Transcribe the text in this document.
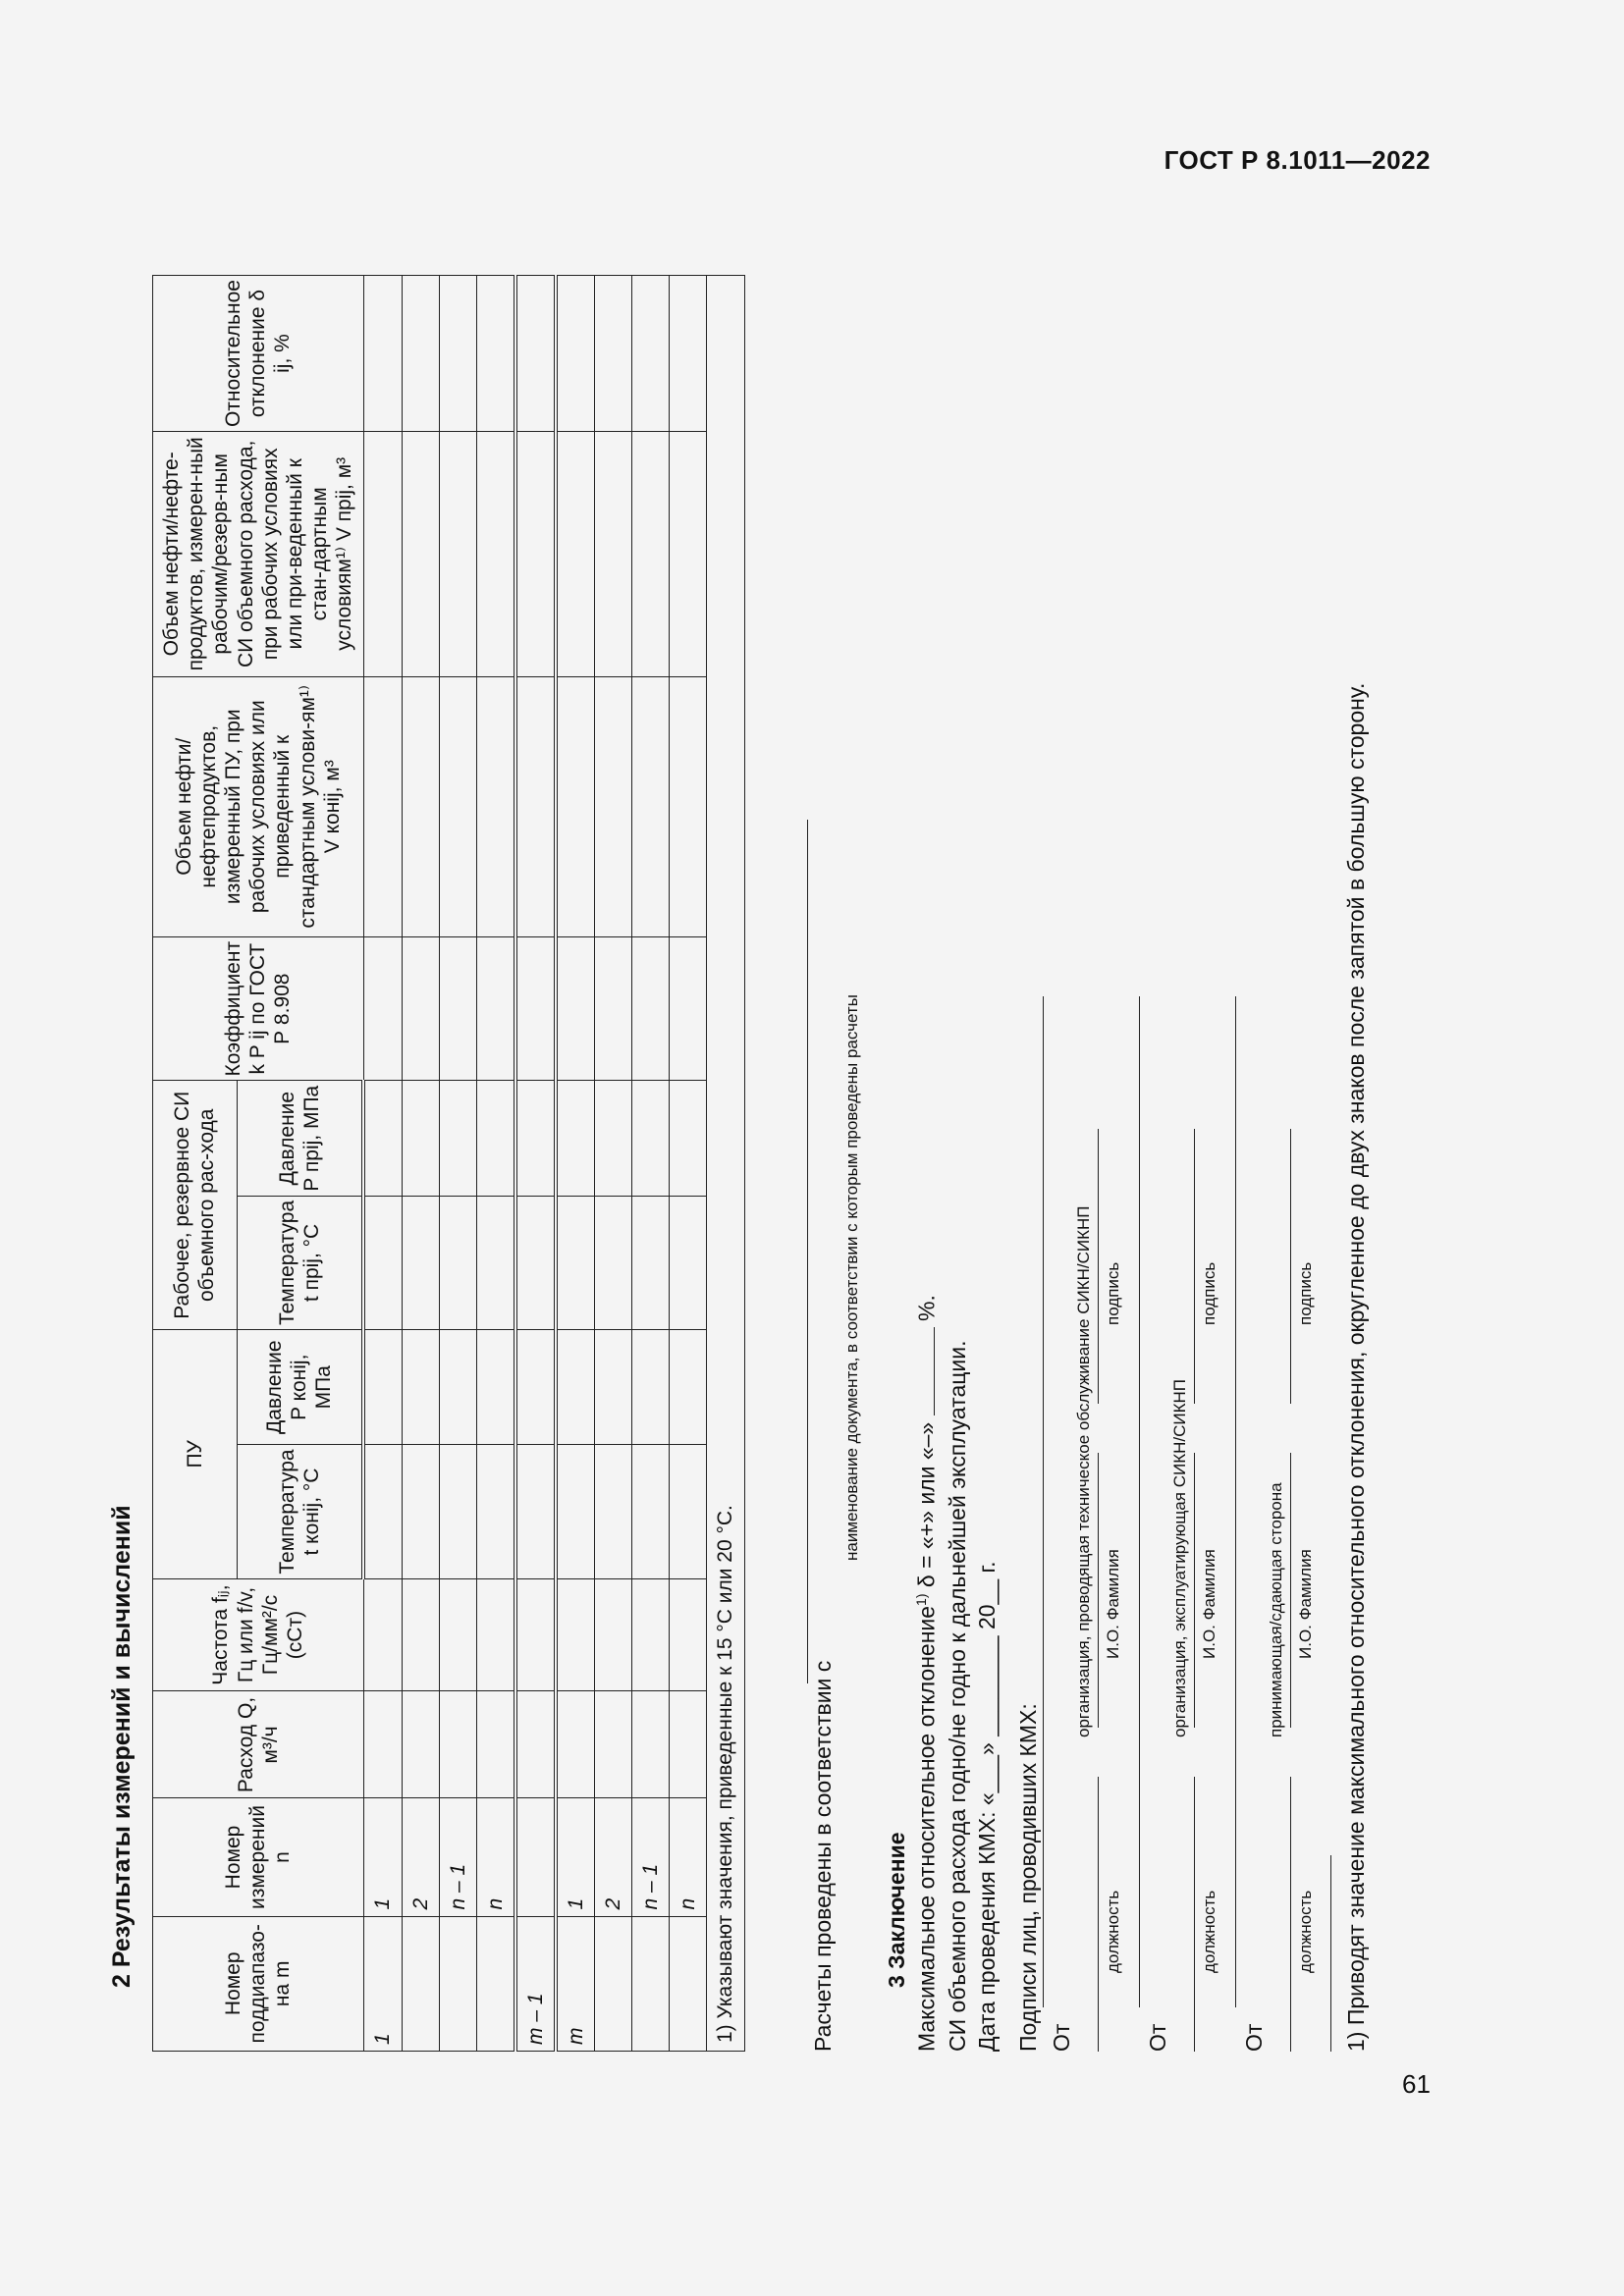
ГОСТ Р 8.1011—2022
61
2 Результаты измерений и вычислений	Номер поддиапазо-на m	Номер измерений n	Расход Q, м³/ч	Частота fᵢⱼ, Гц или f/v, Гц/мм²/с (сСт)	ПУ		Рабочее, резервное СИ объемного рас-хода		Коэффициент k P ij по ГОСТ Р 8.908	Объем нефти/нефтепродуктов, измеренный ПУ, при рабочих условиях или приведенный к стандартным услови-ям¹⁾ V конij, м³	Объем нефти/нефте-продуктов, измерен-ный рабочим/резерв-ным СИ объемного расхода, при рабочих условиях или при-веденный к стан-дартным условиям¹⁾ V прij, м³	Относительное отклонение δ ij, %
				Температура t конij, °C	Давление P конij, МПа	Температура t прij, °C	Давление P прij, МПа				
1	1										
	2										
	n – 1										
	n										
m – 1											
m	1										
	2										
	n – 1										
	n										
1) Указывают значения, приведенные к 15 °C или 20 °C.												Расчеты проведены в соответствии с
наименование документа, в соответствии с которым проведены расчеты
3 Заключение Максимальное относительное отклонение$^{1)}$ δ = «+» или «–»  %.
СИ объемного расхода годно/не годно к дальнейшей эксплуатации. Дата проведения КМХ: «___» ________ 20__ г. Подписи лиц, проводивших КМХ: От
организация, проводящая техническое обслуживание СИКН/СИКНП
должность
И.О. Фамилия
подпись
От
организация, эксплуатирующая СИКН/СИКНП
должность
И.О. Фамилия
подпись
От
принимающая/сдающая сторона
должность
И.О. Фамилия
подпись 1) Приводят значение максимального относительного отклонения, округленное до двух знаков после запятой в большую сторону.
